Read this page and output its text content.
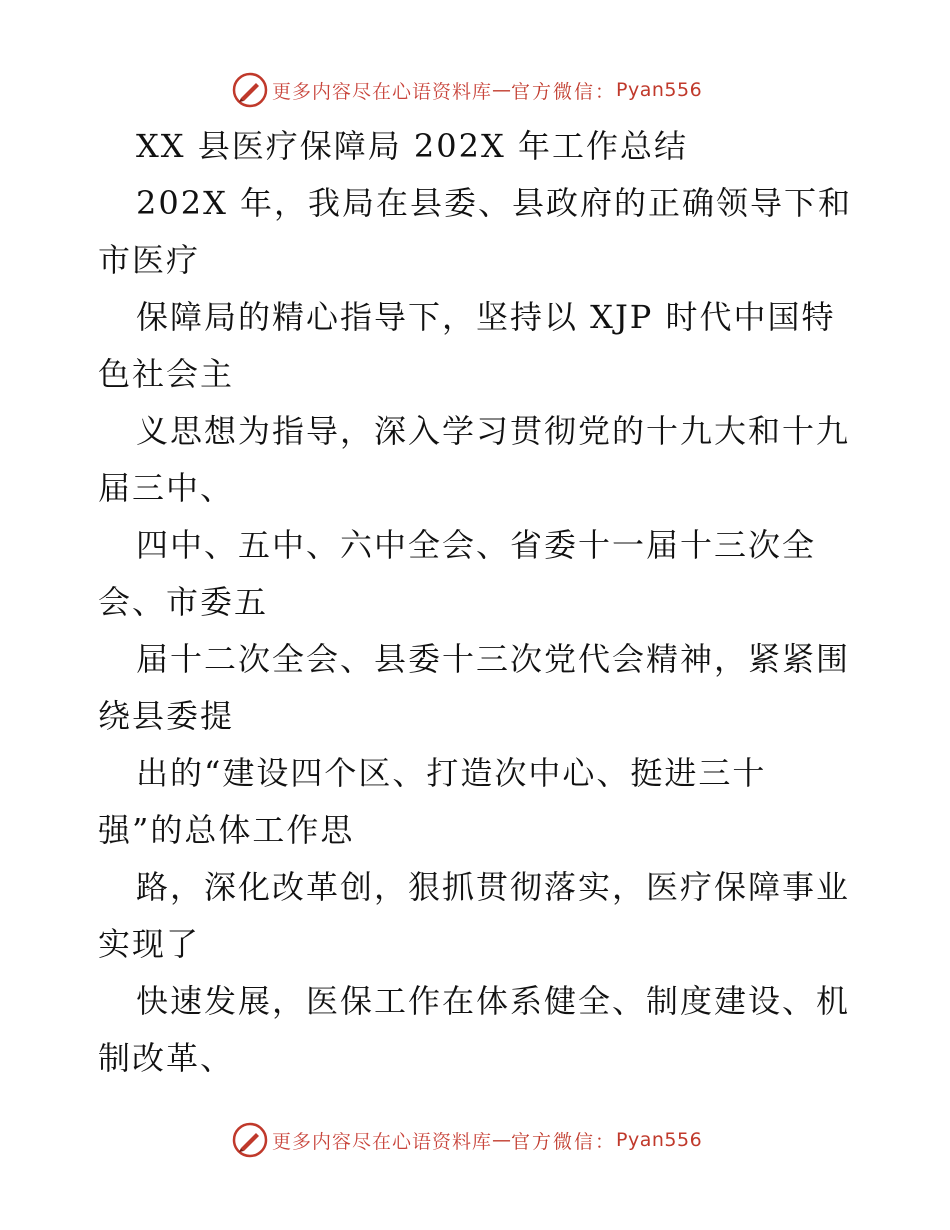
更多内容尽在心语资料库 — 官方微信： Pyan556
XX 县医疗保障局 202X 年工作总结
202X 年，我局在县委、县政府的正确领导下和
市医疗
保障局的精心指导下，坚持以 XJP 时代中国特
色社会主
义思想为指导，深入学习贯彻党的十九大和十九
届三中、
四中、五中、六中全会、省委十一届十三次全
会、市委五
届十二次全会、县委十三次党代会精神，紧紧围
绕县委提
出的“建设四个区、打造次中心、挺进三十
强”的总体工作思
路，深化改革创，狠抓贯彻落实，医疗保障事业
实现了
快速发展，医保工作在体系健全、制度建设、机
制改革、
更多内容尽在心语资料库 — 官方微信： Pyan556
